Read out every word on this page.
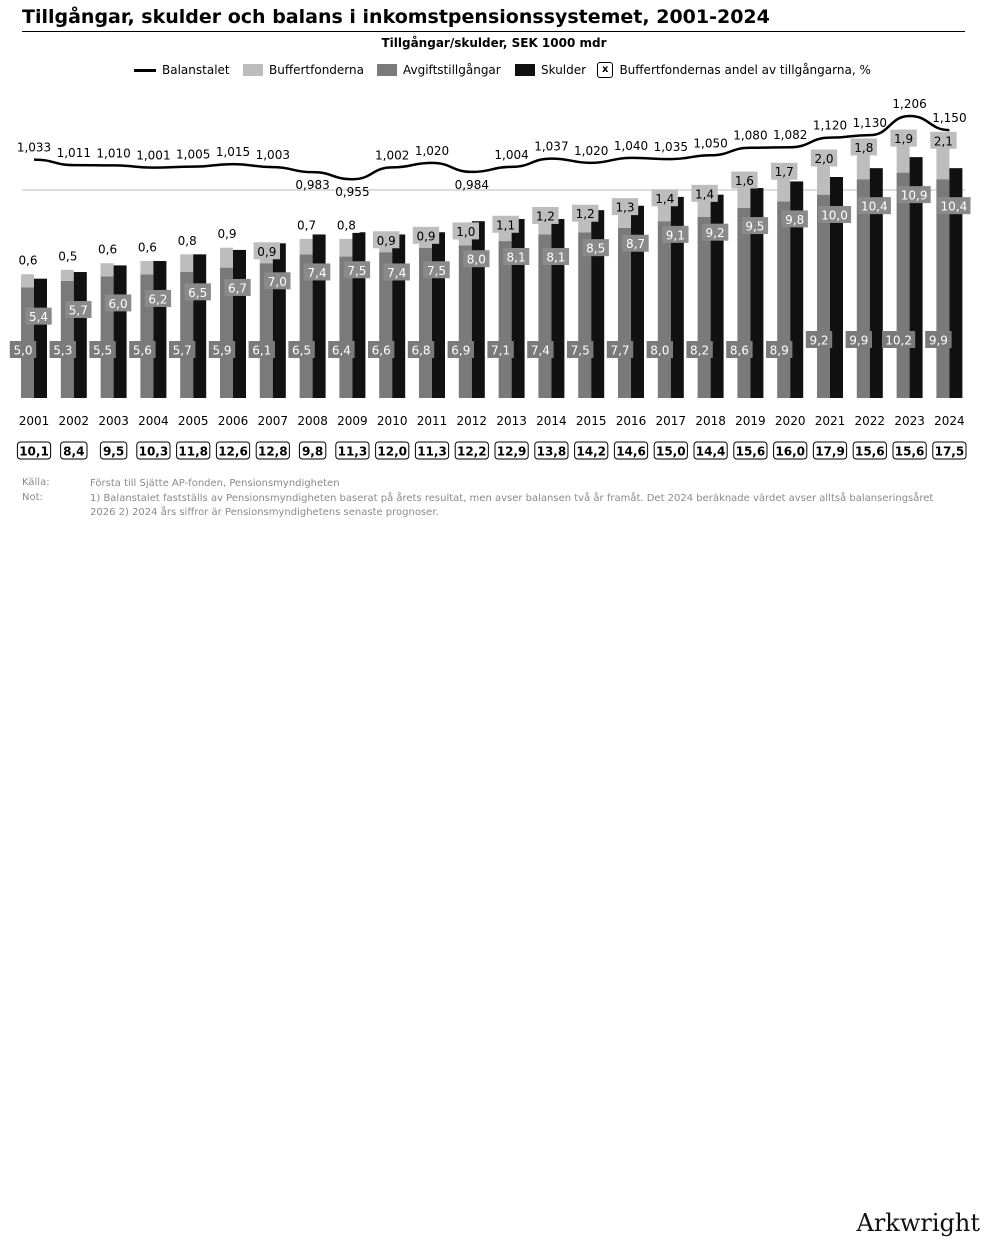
Tillgångar, skulder och balans i inkomstpensionssystemet, 2001-2024
Tillgångar/skulder, SEK 1000 mdr
Balanstalet	Buffertfonderna	Avgiftstillgångar	Skulder	x Buffertfondernas andel av tillgångarna, %
5,0
5,4
0,6
2001
10,1
5,3
5,7
0,5
2002
8,4
5,5
6,0
0,6
2003
9,5
5,6
6,2
0,6
2004
10,3
5,7
6,5
0,8
2005
11,8
5,9
6,7
0,9
2006
12,6
6,1
7,0
0,9
2007
12,8
6,5
7,4
0,7
2008
9,8
6,4
7,5
0,8
2009
11,3
6,6
7,4
0,9
2010
12,0
6,8
7,5
0,9
2011
11,3
6,9
8,0
1,0
2012
12,2
7,1
8,1
1,1
2013
12,9
7,4
8,1
1,2
2014
13,8
7,5
8,5
1,2
2015
14,2
7,7
8,7
1,3
2016
14,6
8,0
9,1
1,4
2017
15,0
8,2
9,2
1,4
2018
14,4
8,6
9,5
1,6
2019
15,6
8,9
9,8
1,7
2020
16,0
9,2
10,0
2,0
2021
17,9
9,9
10,4
1,8
2022
15,6
10,2
10,9
1,9
2023
15,6
9,9
10,4
2,1
2024
17,5
1,033 1,011 1,010 1,001 1,005 1,015 1,003
0,983
0,955
1,002 1,020
0,984
1,004
1,037 1,020 1,040 1,035 1,050
1,080 1,082
1,120 1,130
1,206
1,150
Källa:	Första till Sjätte AP-fonden, Pensionsmyndigheten
Not:	1) Balanstalet fastställs av Pensionsmyndigheten baserat på årets resultat, men avser balansen två år framåt. Det 2024 beräknade värdet avser alltså balanseringsåret 2026 2) 2024 års siffror är Pensionsmyndighetens senaste prognoser.
Arkwright
